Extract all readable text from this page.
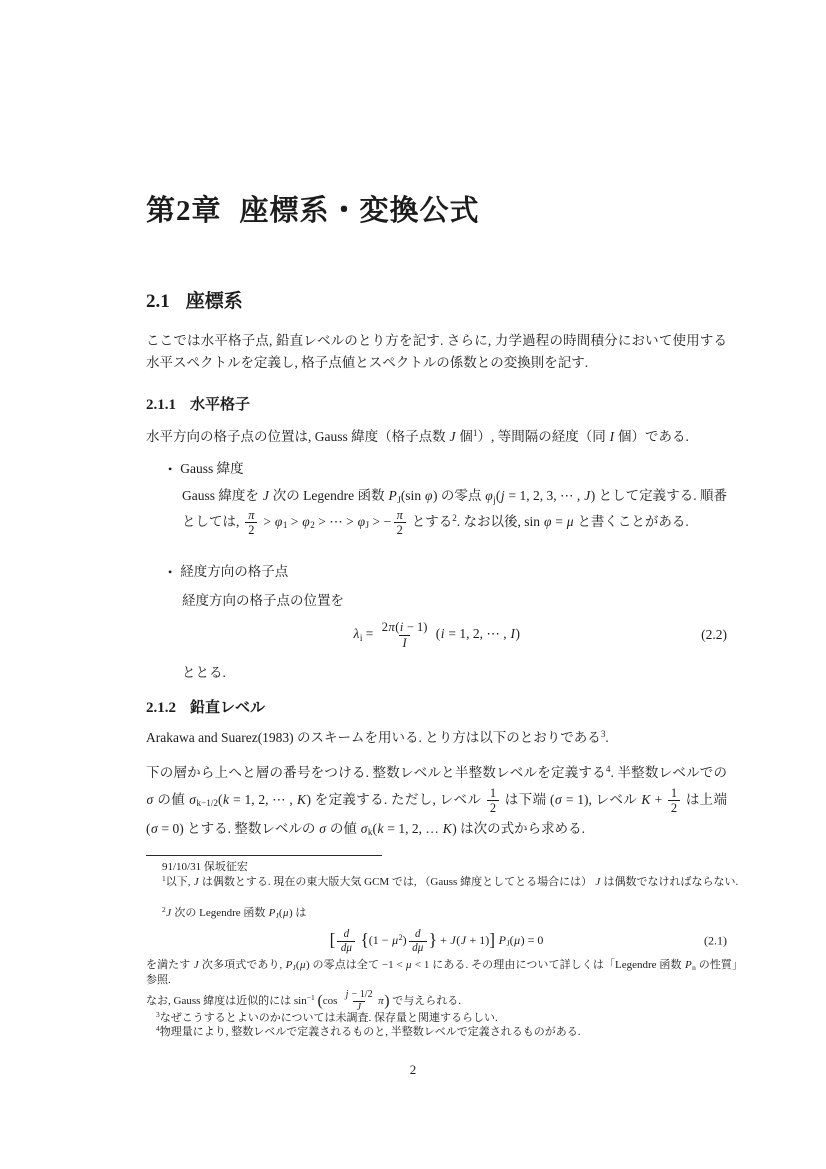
第2章 座標系・変換公式
2.1 座標系

ここでは水平格子点, 鉛直レベルのとり方を記す. さらに, 力学過程の時間積分において使用する水平スペクトルを定義し, 格子点値とスペクトルの係数との変換則を記す.

2.1.1 水平格子

水平方向の格子点の位置は, Gauss 緯度（格子点数 J 個$^1$）, 等間隔の経度（同 I 個）である.

• Gauss 緯度
Gauss 緯度を J 次の Legendre 函数 PJ(sin φ) の零点 φj(j = 1, 2, 3, ⋯ , J) として定義する. 順番としては, $\frac{\pi}{2} > \varphi 1 > \varphi 2$ > ⋯ > φJ > − $\frac{\pi}{2}$ とする$^2$. なお以後, sin φ = μ と書くことがある.
• 経度方向の格子点
経度方向の格子点の位置を
$\lambda i = \frac{2\pi(i - 1)}{I} (i = 1$, 2, ⋯ , I)	(2.2)
ととる.
2.1.2 鉛直レベル

Arakawa and Suarez(1983) のスキームを用いる. とり方は以下のとおりである$^3$.

下の層から上へと層の番号をつける. 整数レベルと半整数レベルを定義する$^4$. 半整数レベルでの σ の値 σk−1/2(k = 1, 2, ⋯ , K) を定義する. ただし, レベル $\frac{1}{2}$ は下端 (σ = 1), レベル $K + \frac{1}{2}$ は上端 (σ = 0) とする. 整数レベルの σ の値 σk(k = 1, 2, … K) は次の式から求める.

91/10/31 保坂征宏
$^1$以下, J は偶数とする. 現在の東大版大気 GCM では, （Gauss 緯度としてとる場合には） J は偶数でなければならない.
$^2$J 次の Legendre 函数 PJ(μ) は
[ $\frac{d}{d\mu} \{(1 - \mu^2) \frac{d}{d\mu}$ } + J(J + 1)] PJ(μ) = 0	(2.1)
を満たす J 次多項式であり, PJ(μ) の零点は全て −1 < μ < 1 にある. その理由について詳しくは「Legendre 函数 Pn の性質」参照.
なお, Gauss 緯度は近似的には $\sin^{-1} (\cos \frac{j - 1/2}{J} \pi)$ で与えられる.
$^3$なぜこうするとよいのかについては未調査. 保存量と関連するらしい.
$^4$物理量により, 整数レベルで定義されるものと, 半整数レベルで定義されるものがある.
2
